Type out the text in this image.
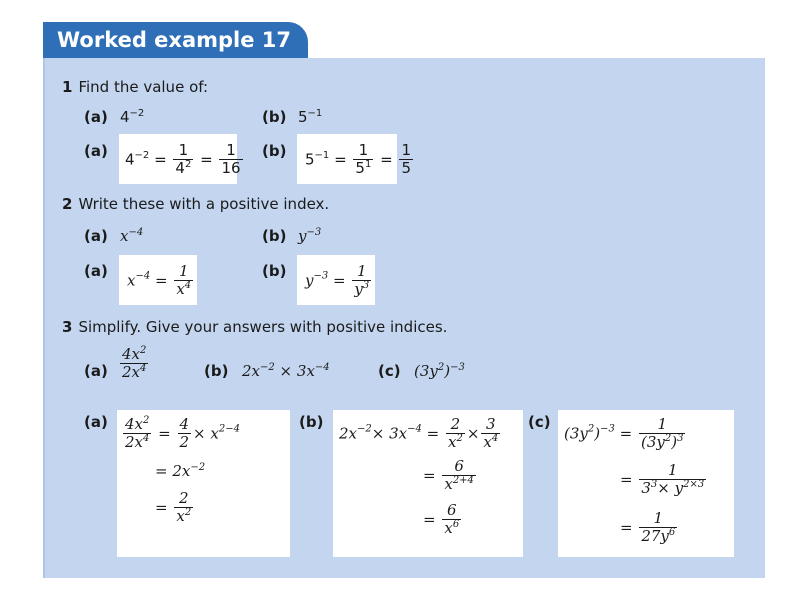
Worked example 17
1 Find the value of:
(a) $4^{-2}$	(b) $5^{-1}$
(a) $4^{-2} = \frac{1}{4^2} = \frac{1}{16} (b) 5^{-1} = \frac{1}{5^1} = \frac{1}{5}$
2 Write these with a positive index.
(a) $x^{-4}$	(b) $y^{-3}$
(a)
$x^{-4} = \frac{1}{x^4}$	(b)
$y^{-3} = \frac{1}{y^3}$
3 Simplify. Give your answers with positive indices.
$(a) \frac{4x^2}{2x^4}$	(b) $2x^{-2} \times 3x^{-4}$	(c) $(3y^2)^{-3}$
$(a) \frac{4x^2}{2x^4} = \frac{4}{2} \times x^{2-4}$
= $2x^{-2}$
= $\frac{2}{x^2}$
(b)
$2x^{-2}\times 3x^{-4} = \frac{2}{x^2} \times \frac{3}{x^4}$
= $\frac{6}{x^{2+4}}$
= $\frac{6}{x^6}$
(c)
$(3y^2)^{-3} = \frac{1}{(3y^2)^3}$
= $\frac{1}{3^3\times y^{2\times 3}}$
= $\frac{1}{27y^6}$
